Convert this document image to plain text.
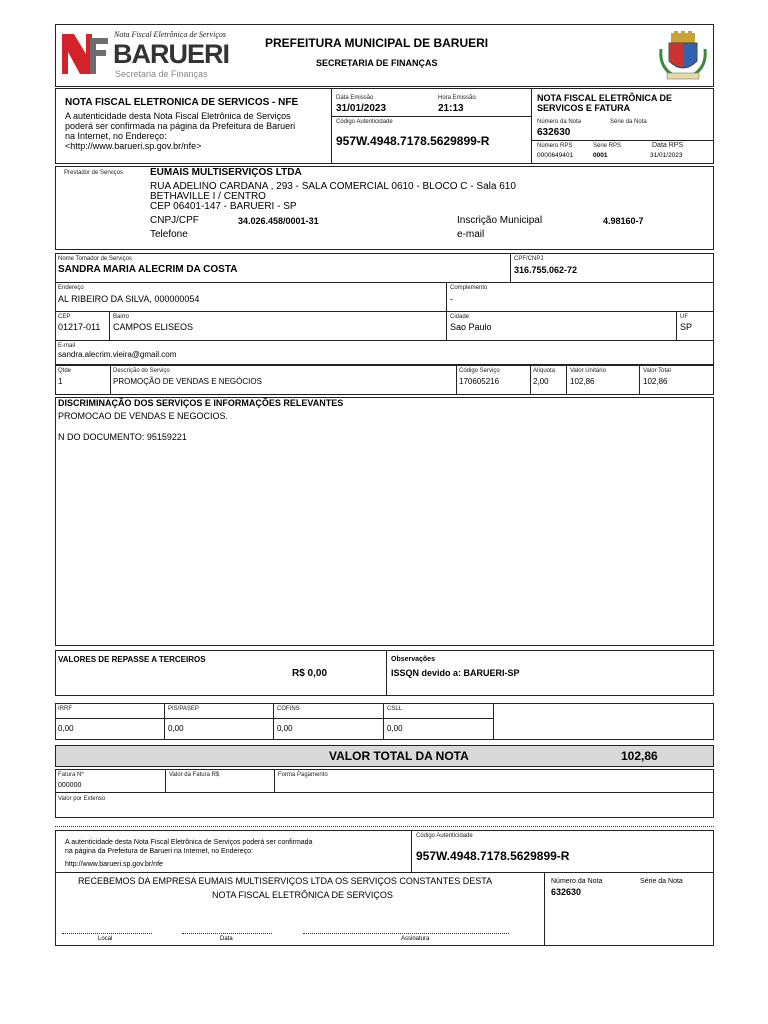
Nota Fiscal Eletrônica de Serviços
BARUERI
Secretaria de Finanças
PREFEITURA MUNICIPAL DE BARUERI
SECRETARIA DE FINANÇAS
NOTA FISCAL ELETRONICA DE SERVICOS - NFE
A autenticidade desta Nota Fiscal Eletrônica de Serviços
poderá ser confirmada na página da Prefeitura de Barueri
na Internet, no Endereço:
<http://www.barueri.sp.gov.br/nfe>
Data Emissão
31/01/2023
Hora Emissão
21:13
Código Autenticidade
957W.4948.7178.5629899-R
NOTA FISCAL ELETRÔNICA DE
SERVICOS E FATURA
Número da Nota	Série da Nota
632630
Número RPS	Série RPS	Data RPS
0000649401	0001	31/01/2023
Prestador de Serviços	EUMAIS MULTISERVIÇOS LTDA
RUA ADELINO CARDANA , 293 - SALA COMERCIAL 0610 - BLOCO C - Sala 610
BETHAVILLE I / CENTRO
CEP 06401-147 - BARUERI - SP
CNPJ/CPF	34.026.458/0001-31	Inscrição Municipal	4.98160-7
Telefone	e-mail
Nome Tomador de Serviços
SANDRA MARIA ALECRIM DA COSTA
CPF/CNPJ
316.755.062-72
Endereço
AL RIBEIRO DA SILVA, 000000054
Complemento
-
CEP
01217-011
Bairro
CAMPOS ELISEOS
Cidade
Sao Paulo
UF
SP
E-mail
sandra.alecrim.vieira@gmail.com
Qtde
1
Descrição do Serviço
PROMOÇÃO DE VENDAS E NEGÓCIOS
Código Serviço
170605216
Alíquota
2,00
Valor Unitário
102,86
Valor Total
102,86
DISCRIMINAÇÃO DOS SERVIÇOS E INFORMAÇÕES RELEVANTES
PROMOCAO DE VENDAS E NEGOCIOS.
N DO DOCUMENTO: 95159221
VALORES DE REPASSE A TERCEIROS
R$ 0,00
Observações
ISSQN devido a: BARUERI-SP
IRRF
0,00
PIS/PASEP
0,00
COFINS
0,00
CSLL
0,00
VALOR TOTAL DA NOTA	102,86
Fatura Nº
000000
Valor da Fatura R$	Forma Pagamento
Valor por Extenso
A autenticidade desta Nota Fiscal Eletrônica de Serviços poderá ser confirmada
na página da Prefeitura de Barueri na Internet, no Endereço:
http://www.barueri.sp.gov.br/nfe
Código Autenticidade
957W.4948.7178.5629899-R
RECEBEMOS DA EMPRESA EUMAIS MULTISERVIÇOS LTDA OS SERVIÇOS CONSTANTES DESTA
NOTA FISCAL ELETRÔNICA DE SERVIÇOS
Número da Nota	Série da Nota
632630
Local	Data	Assinatura
